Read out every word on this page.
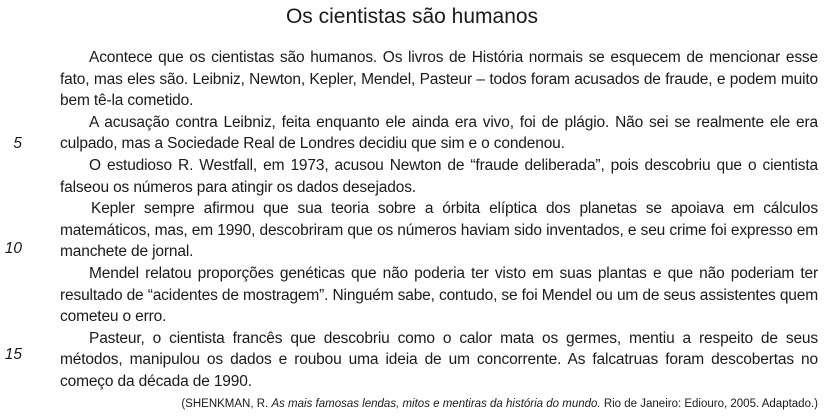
Os cientistas são humanos
5
10
15

Acontece que os cientistas são humanos. Os livros de História normais se esquecem de mencionar esse fato, mas eles são. Leibniz, Newton, Kepler, Mendel, Pasteur – todos foram acusados de fraude, e podem muito bem tê-la cometido.

A acusação contra Leibniz, feita enquanto ele ainda era vivo, foi de plágio. Não sei se realmente ele era culpado, mas a Sociedade Real de Londres decidiu que sim e o condenou.

O estudioso R. Westfall, em 1973, acusou Newton de “fraude deliberada”, pois descobriu que o cientista falseou os números para atingir os dados desejados.

Kepler sempre afirmou que sua teoria sobre a órbita elíptica dos planetas se apoiava em cálculos matemáticos, mas, em 1990, descobriram que os números haviam sido inventados, e seu crime foi expresso em manchete de jornal.

Mendel relatou proporções genéticas que não poderia ter visto em suas plantas e que não poderiam ter resultado de “acidentes de mostragem”. Ninguém sabe, contudo, se foi Mendel ou um de seus assistentes quem cometeu o erro.

Pasteur, o cientista francês que descobriu como o calor mata os germes, mentiu a respeito de seus métodos, manipulou os dados e roubou uma ideia de um concorrente. As falcatruas foram descobertas no começo da década de 1990.

(SHENKMAN, R. As mais famosas lendas, mitos e mentiras da história do mundo. Rio de Janeiro: Ediouro, 2005. Adaptado.)
